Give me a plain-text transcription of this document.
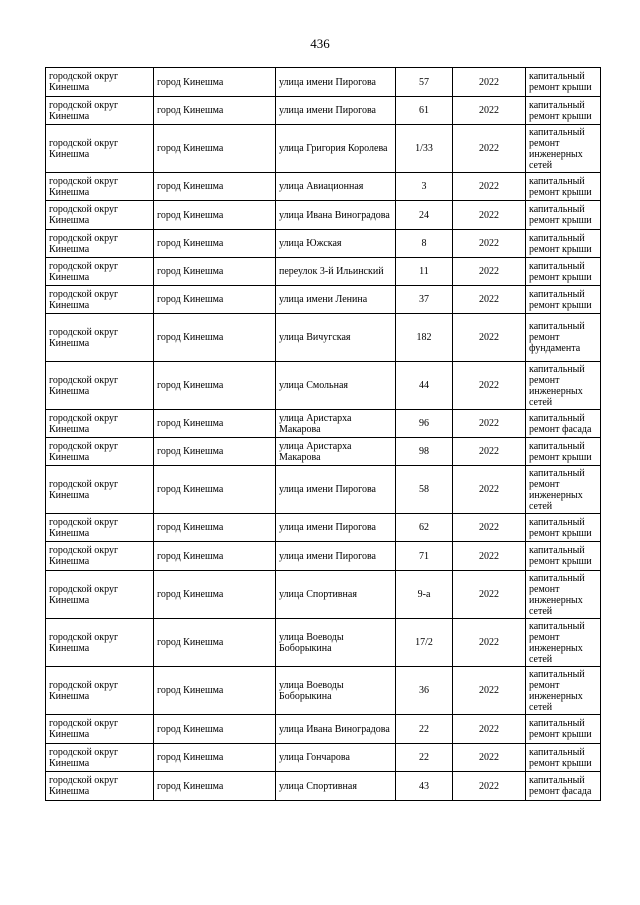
436
городской округ Кинешма	город Кинешма	улица имени Пирогова	57	2022	капитальный ремонт крыши
городской округ Кинешма	город Кинешма	улица имени Пирогова	61	2022	капитальный ремонт крыши
городской округ Кинешма	город Кинешма	улица Григория Королева	1/33	2022	капитальный ремонт инженерных сетей
городской округ Кинешма	город Кинешма	улица Авиационная	3	2022	капитальный ремонт крыши
городской округ Кинешма	город Кинешма	улица Ивана Виноградова	24	2022	капитальный ремонт крыши
городской округ Кинешма	город Кинешма	улица Южская	8	2022	капитальный ремонт крыши
городской округ Кинешма	город Кинешма	переулок 3-й Ильинский	11	2022	капитальный ремонт крыши
городской округ Кинешма	город Кинешма	улица имени Ленина	37	2022	капитальный ремонт крыши
городской округ Кинешма	город Кинешма	улица Вичугская	182	2022	капитальный ремонт фундамента
городской округ Кинешма	город Кинешма	улица Смольная	44	2022	капитальный ремонт инженерных сетей
городской округ Кинешма	город Кинешма	улица Аристарха Макарова	96	2022	капитальный ремонт фасада
городской округ Кинешма	город Кинешма	улица Аристарха Макарова	98	2022	капитальный ремонт крыши
городской округ Кинешма	город Кинешма	улица имени Пирогова	58	2022	капитальный ремонт инженерных сетей
городской округ Кинешма	город Кинешма	улица имени Пирогова	62	2022	капитальный ремонт крыши
городской округ Кинешма	город Кинешма	улица имени Пирогова	71	2022	капитальный ремонт крыши
городской округ Кинешма	город Кинешма	улица Спортивная	9-а	2022	капитальный ремонт инженерных сетей
городской округ Кинешма	город Кинешма	улица Воеводы Боборыкина	17/2	2022	капитальный ремонт инженерных сетей
городской округ Кинешма	город Кинешма	улица Воеводы Боборыкина	36	2022	капитальный ремонт инженерных сетей
городской округ Кинешма	город Кинешма	улица Ивана Виноградова	22	2022	капитальный ремонт крыши
городской округ Кинешма	город Кинешма	улица Гончарова	22	2022	капитальный ремонт крыши
городской округ Кинешма	город Кинешма	улица Спортивная	43	2022	капитальный ремонт фасада
